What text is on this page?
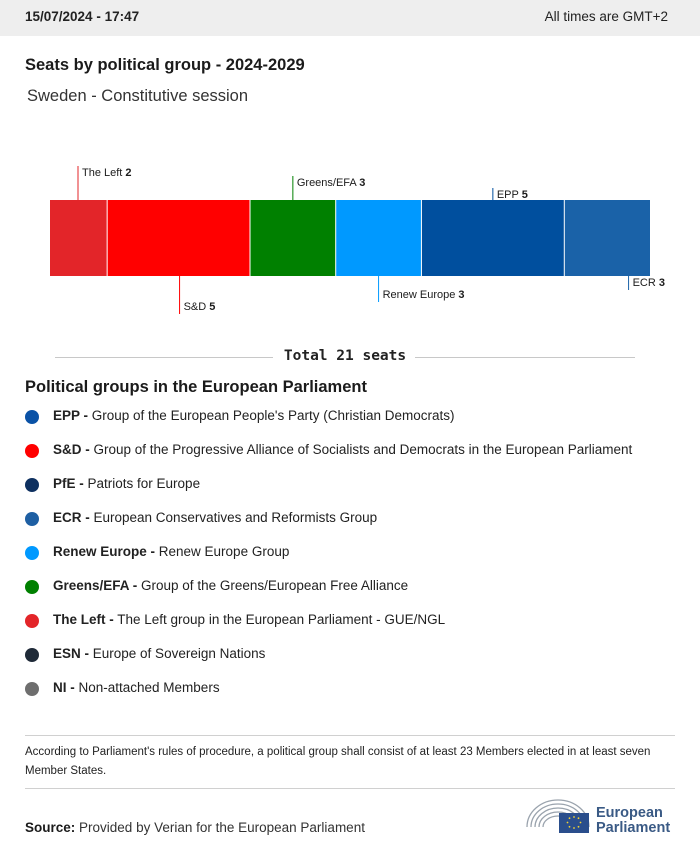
15/07/2024 - 17:47	All times are GMT+2
Seats by political group - 2024-2029
Sweden - Constitutive session
The Left 2
S&D 5
Greens/EFA 3
Renew Europe 3
EPP 5
ECR 3
Total 21 seats
Political groups in the European Parliament
EPP - Group of the European People's Party (Christian Democrats)
S&D - Group of the Progressive Alliance of Socialists and Democrats in the European Parliament
PfE - Patriots for Europe
ECR - European Conservatives and Reformists Group
Renew Europe - Renew Europe Group
Greens/EFA - Group of the Greens/European Free Alliance
The Left - The Left group in the European Parliament - GUE/NGL
ESN - Europe of Sovereign Nations
NI - Non-attached Members
According to Parliament's rules of procedure, a political group shall consist of at least 23 Members elected in at least seven Member States.
Source: Provided by Verian for the European Parliament
European
Parliament
